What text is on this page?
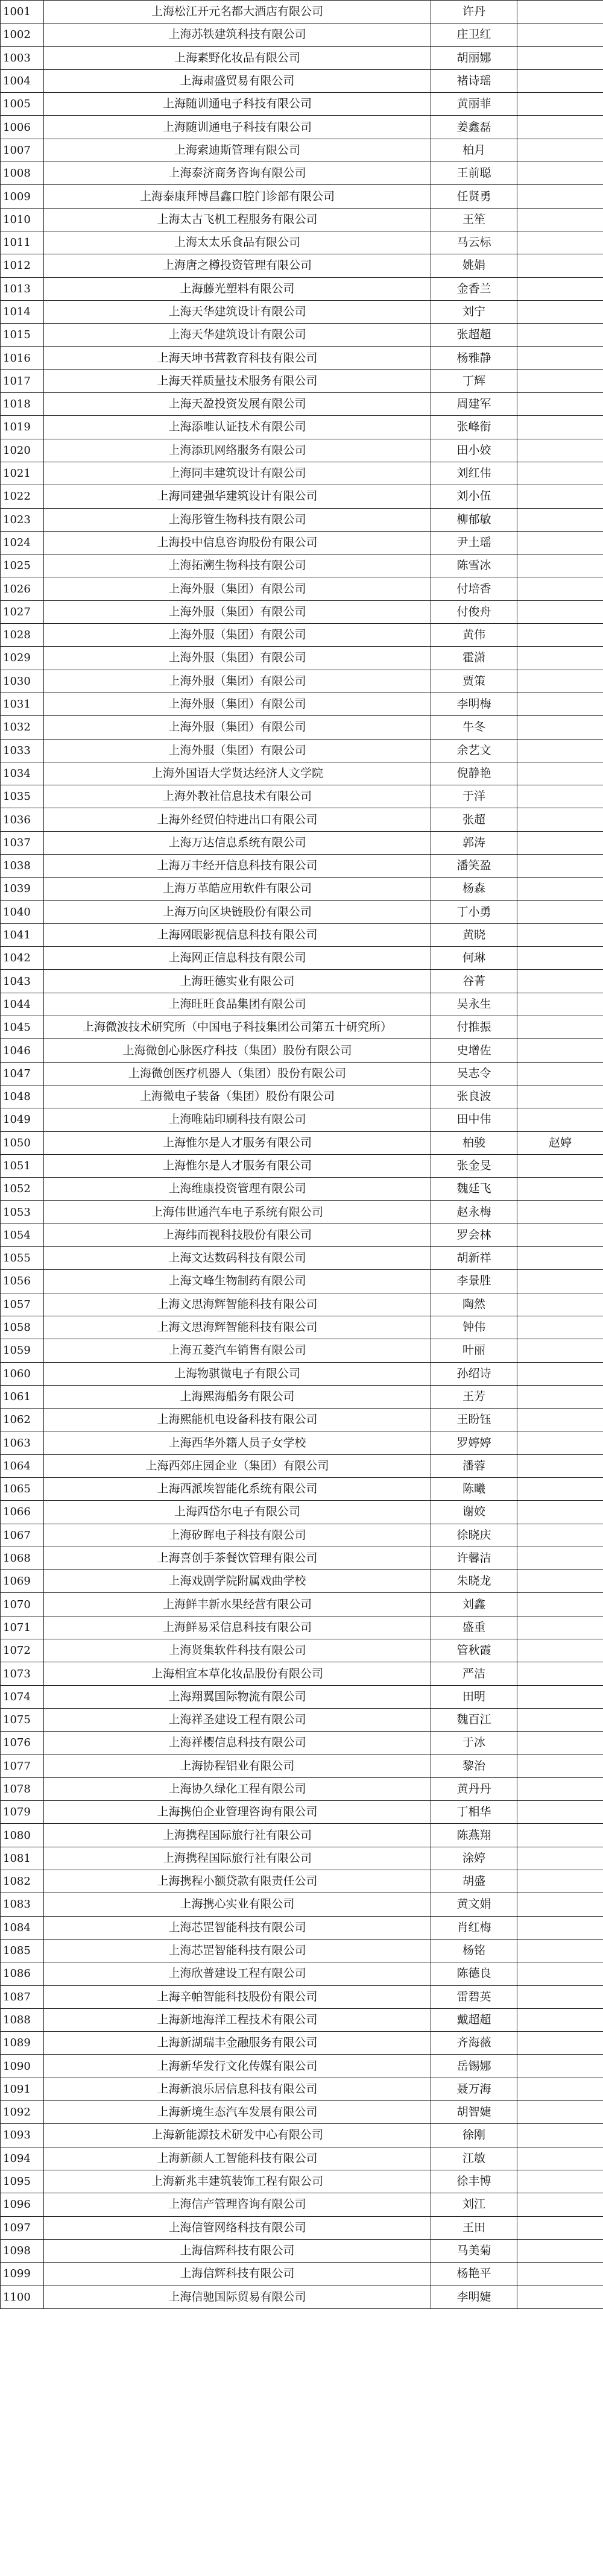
1001	上海松江开元名都大酒店有限公司	许丹	
1002	上海苏铁建筑科技有限公司	庄卫红	
1003	上海素野化妆品有限公司	胡丽娜	
1004	上海肃盛贸易有限公司	褚诗瑶	
1005	上海随训通电子科技有限公司	黄丽菲	
1006	上海随训通电子科技有限公司	姜鑫磊	
1007	上海索迪斯管理有限公司	柏月	
1008	上海泰济商务咨询有限公司	王前聪	
1009	上海泰康拜博昌鑫口腔门诊部有限公司	任贤勇	
1010	上海太古飞机工程服务有限公司	王笙	
1011	上海太太乐食品有限公司	马云标	
1012	上海唐之樽投资管理有限公司	姚娟	
1013	上海藤光塑料有限公司	金香兰	
1014	上海天华建筑设计有限公司	刘宁	
1015	上海天华建筑设计有限公司	张超超	
1016	上海天坤书营教育科技有限公司	杨雅静	
1017	上海天祥质量技术服务有限公司	丁辉	
1018	上海天盈投资发展有限公司	周建军	
1019	上海添唯认证技术有限公司	张峰衔	
1020	上海添玑网络服务有限公司	田小姣	
1021	上海同丰建筑设计有限公司	刘红伟	
1022	上海同建强华建筑设计有限公司	刘小伍	
1023	上海彤管生物科技有限公司	柳郁敏	
1024	上海投中信息咨询股份有限公司	尹土瑶	
1025	上海拓溯生物科技有限公司	陈雪冰	
1026	上海外服（集团）有限公司	付培香	
1027	上海外服（集团）有限公司	付俊舟	
1028	上海外服（集团）有限公司	黄伟	
1029	上海外服（集团）有限公司	霍潇	
1030	上海外服（集团）有限公司	贾策	
1031	上海外服（集团）有限公司	李明梅	
1032	上海外服（集团）有限公司	牛冬	
1033	上海外服（集团）有限公司	余艺文	
1034	上海外国语大学贤达经济人文学院	倪静艳	
1035	上海外教社信息技术有限公司	于洋	
1036	上海外经贸伯特进出口有限公司	张超	
1037	上海万达信息系统有限公司	郭涛	
1038	上海万丰经开信息科技有限公司	潘笑盈	
1039	上海万革皓应用软件有限公司	杨森	
1040	上海万向区块链股份有限公司	丁小勇	
1041	上海网眼影视信息科技有限公司	黄晓	
1042	上海网正信息科技有限公司	何琳	
1043	上海旺德实业有限公司	谷菁	
1044	上海旺旺食品集团有限公司	吴永生	
1045	上海微波技术研究所（中国电子科技集团公司第五十研究所）	付推振	
1046	上海微创心脉医疗科技（集团）股份有限公司	史增佐	
1047	上海微创医疗机器人（集团）股份有限公司	吴志令	
1048	上海微电子装备（集团）股份有限公司	张良波	
1049	上海唯陆印刷科技有限公司	田中伟	
1050	上海惟尔是人才服务有限公司	柏骏	赵婷
1051	上海惟尔是人才服务有限公司	张金旻	
1052	上海维康投资管理有限公司	魏廷飞	
1053	上海伟世通汽车电子系统有限公司	赵永梅	
1054	上海纬而视科技股份有限公司	罗会林	
1055	上海文达数码科技有限公司	胡新祥	
1056	上海文峰生物制药有限公司	李景胜	
1057	上海文思海辉智能科技有限公司	陶然	
1058	上海文思海辉智能科技有限公司	钟伟	
1059	上海五菱汽车销售有限公司	叶丽	
1060	上海物骐微电子有限公司	孙绍诗	
1061	上海熙海船务有限公司	王芳	
1062	上海熙能机电设备科技有限公司	王盼钰	
1063	上海西华外籍人员子女学校	罗婷婷	
1064	上海西郊庄园企业（集团）有限公司	潘蓉	
1065	上海西派埃智能化系统有限公司	陈曦	
1066	上海西岱尔电子有限公司	谢姣	
1067	上海矽晖电子科技有限公司	徐晓庆	
1068	上海喜创手茶餐饮管理有限公司	许馨洁	
1069	上海戏剧学院附属戏曲学校	朱晓龙	
1070	上海鲜丰新水果经营有限公司	刘鑫	
1071	上海鲜易采信息科技有限公司	盛重	
1072	上海贤集软件科技有限公司	管秋霞	
1073	上海相宜本草化妆品股份有限公司	严洁	
1074	上海翔翼国际物流有限公司	田明	
1075	上海祥圣建设工程有限公司	魏百江	
1076	上海祥樱信息科技有限公司	于冰	
1077	上海协程铝业有限公司	黎治	
1078	上海协久绿化工程有限公司	黄丹丹	
1079	上海携伯企业管理咨询有限公司	丁相华	
1080	上海携程国际旅行社有限公司	陈燕翔	
1081	上海携程国际旅行社有限公司	涂婷	
1082	上海携程小额贷款有限责任公司	胡盛	
1083	上海携心实业有限公司	黄文娟	
1084	上海芯罡智能科技有限公司	肖红梅	
1085	上海芯罡智能科技有限公司	杨铭	
1086	上海欣普建设工程有限公司	陈德良	
1087	上海辛帕智能科技股份有限公司	雷碧英	
1088	上海新地海洋工程技术有限公司	戴超超	
1089	上海新湖瑞丰金融服务有限公司	齐海薇	
1090	上海新华发行文化传媒有限公司	岳锡娜	
1091	上海新浪乐居信息科技有限公司	聂万海	
1092	上海新境生态汽车发展有限公司	胡智婕	
1093	上海新能源技术研发中心有限公司	徐刚	
1094	上海新颜人工智能科技有限公司	江敏	
1095	上海新兆丰建筑装饰工程有限公司	徐丰博	
1096	上海信产管理咨询有限公司	刘江	
1097	上海信管网络科技有限公司	王田	
1098	上海信辉科技有限公司	马美菊	
1099	上海信辉科技有限公司	杨艳平	
1100	上海信驰国际贸易有限公司	李明婕	
